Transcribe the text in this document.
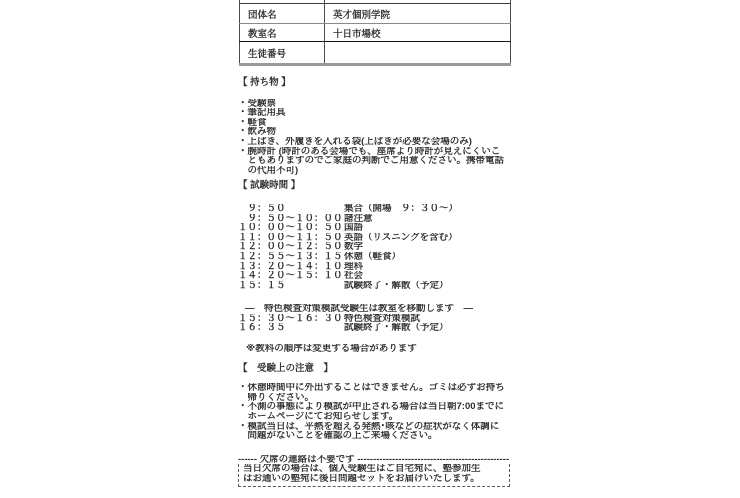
団体名	英才個別学院
教室名	十日市場校
生徒番号	
【 持ち物 】
・受験票
・筆記用具
・軽食
・飲み物
・上ばき、外履きを入れる袋(上ばきが必要な会場のみ)
・腕時計 (時計のある会場でも、座席より時計が見えにくいこ
　ともありますのでご家庭の判断でご用意ください。携帯電話
　の代用不可)
【 試験時間 】
　９：５０	集合（開場　９：３０～）
　９：５０～１０：００諸注意
１０：００～１０：５０国語
１１：００～１１：５０英語（リスニングを含む）
１２：００～１２：５０数学
１２：５５～１３：１５休憩（軽食）
１３：２０～１４：１０理科
１４：２０～１５：１０社会
１５：１５	試験終了・解散（予定）
―　特色検査対策模試受験生は教室を移動します　―
１５：３０～１６：３０特色検査対策模試
１６：３５	試験終了・解散（予定）
※教科の順序は変更する場合があります
【　受験上の注意　】
・休憩時間中に外出することはできません。ゴミは必ずお持ち
　帰りください。
・不測の事態により模試が中止される場合は当日朝7:00までに
　ホームページにてお知らせします。
・模試当日は、平熱を超える発熱･咳などの症状がなく体調に
　問題がないことを確認の上ご来場ください。
------ 欠席の連絡は不要です ------------------------------------------------
当日欠席の場合は、個人受験生はご自宅宛に、塾参加生
はお通いの塾宛に後日問題セットをお届けいたします。
